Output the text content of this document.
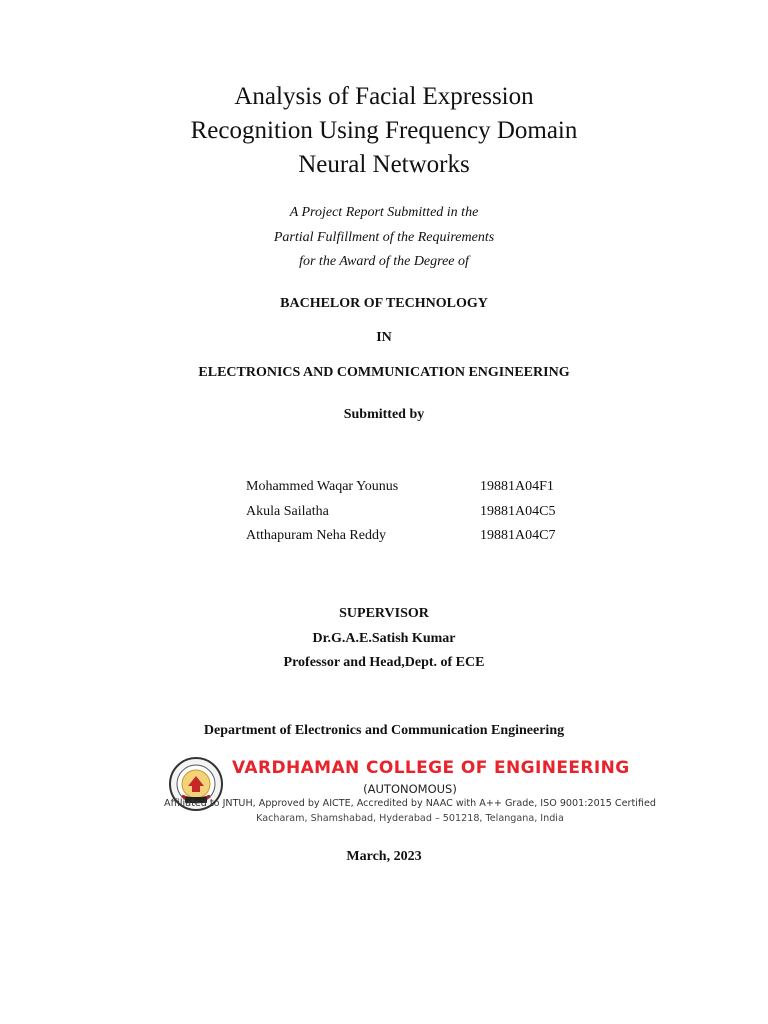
Analysis of Facial Expression
Recognition Using Frequency Domain
Neural Networks
A Project Report Submitted in the
Partial Fulfillment of the Requirements
for the Award of the Degree of
BACHELOR OF TECHNOLOGY
IN
ELECTRONICS AND COMMUNICATION ENGINEERING
Submitted by
Mohammed Waqar Younus	19881A04F1
Akula Sailatha	19881A04C5
Atthapuram Neha Reddy	19881A04C7
SUPERVISOR
Dr.G.A.E.Satish Kumar
Professor and Head,Dept. of ECE
Department of Electronics and Communication Engineering
VARDHAMAN COLLEGE OF ENGINEERING
(AUTONOMOUS)
Affiliated to JNTUH, Approved by AICTE, Accredited by NAAC with A++ Grade, ISO 9001:2015 Certified
Kacharam, Shamshabad, Hyderabad – 501218, Telangana, India
March, 2023
